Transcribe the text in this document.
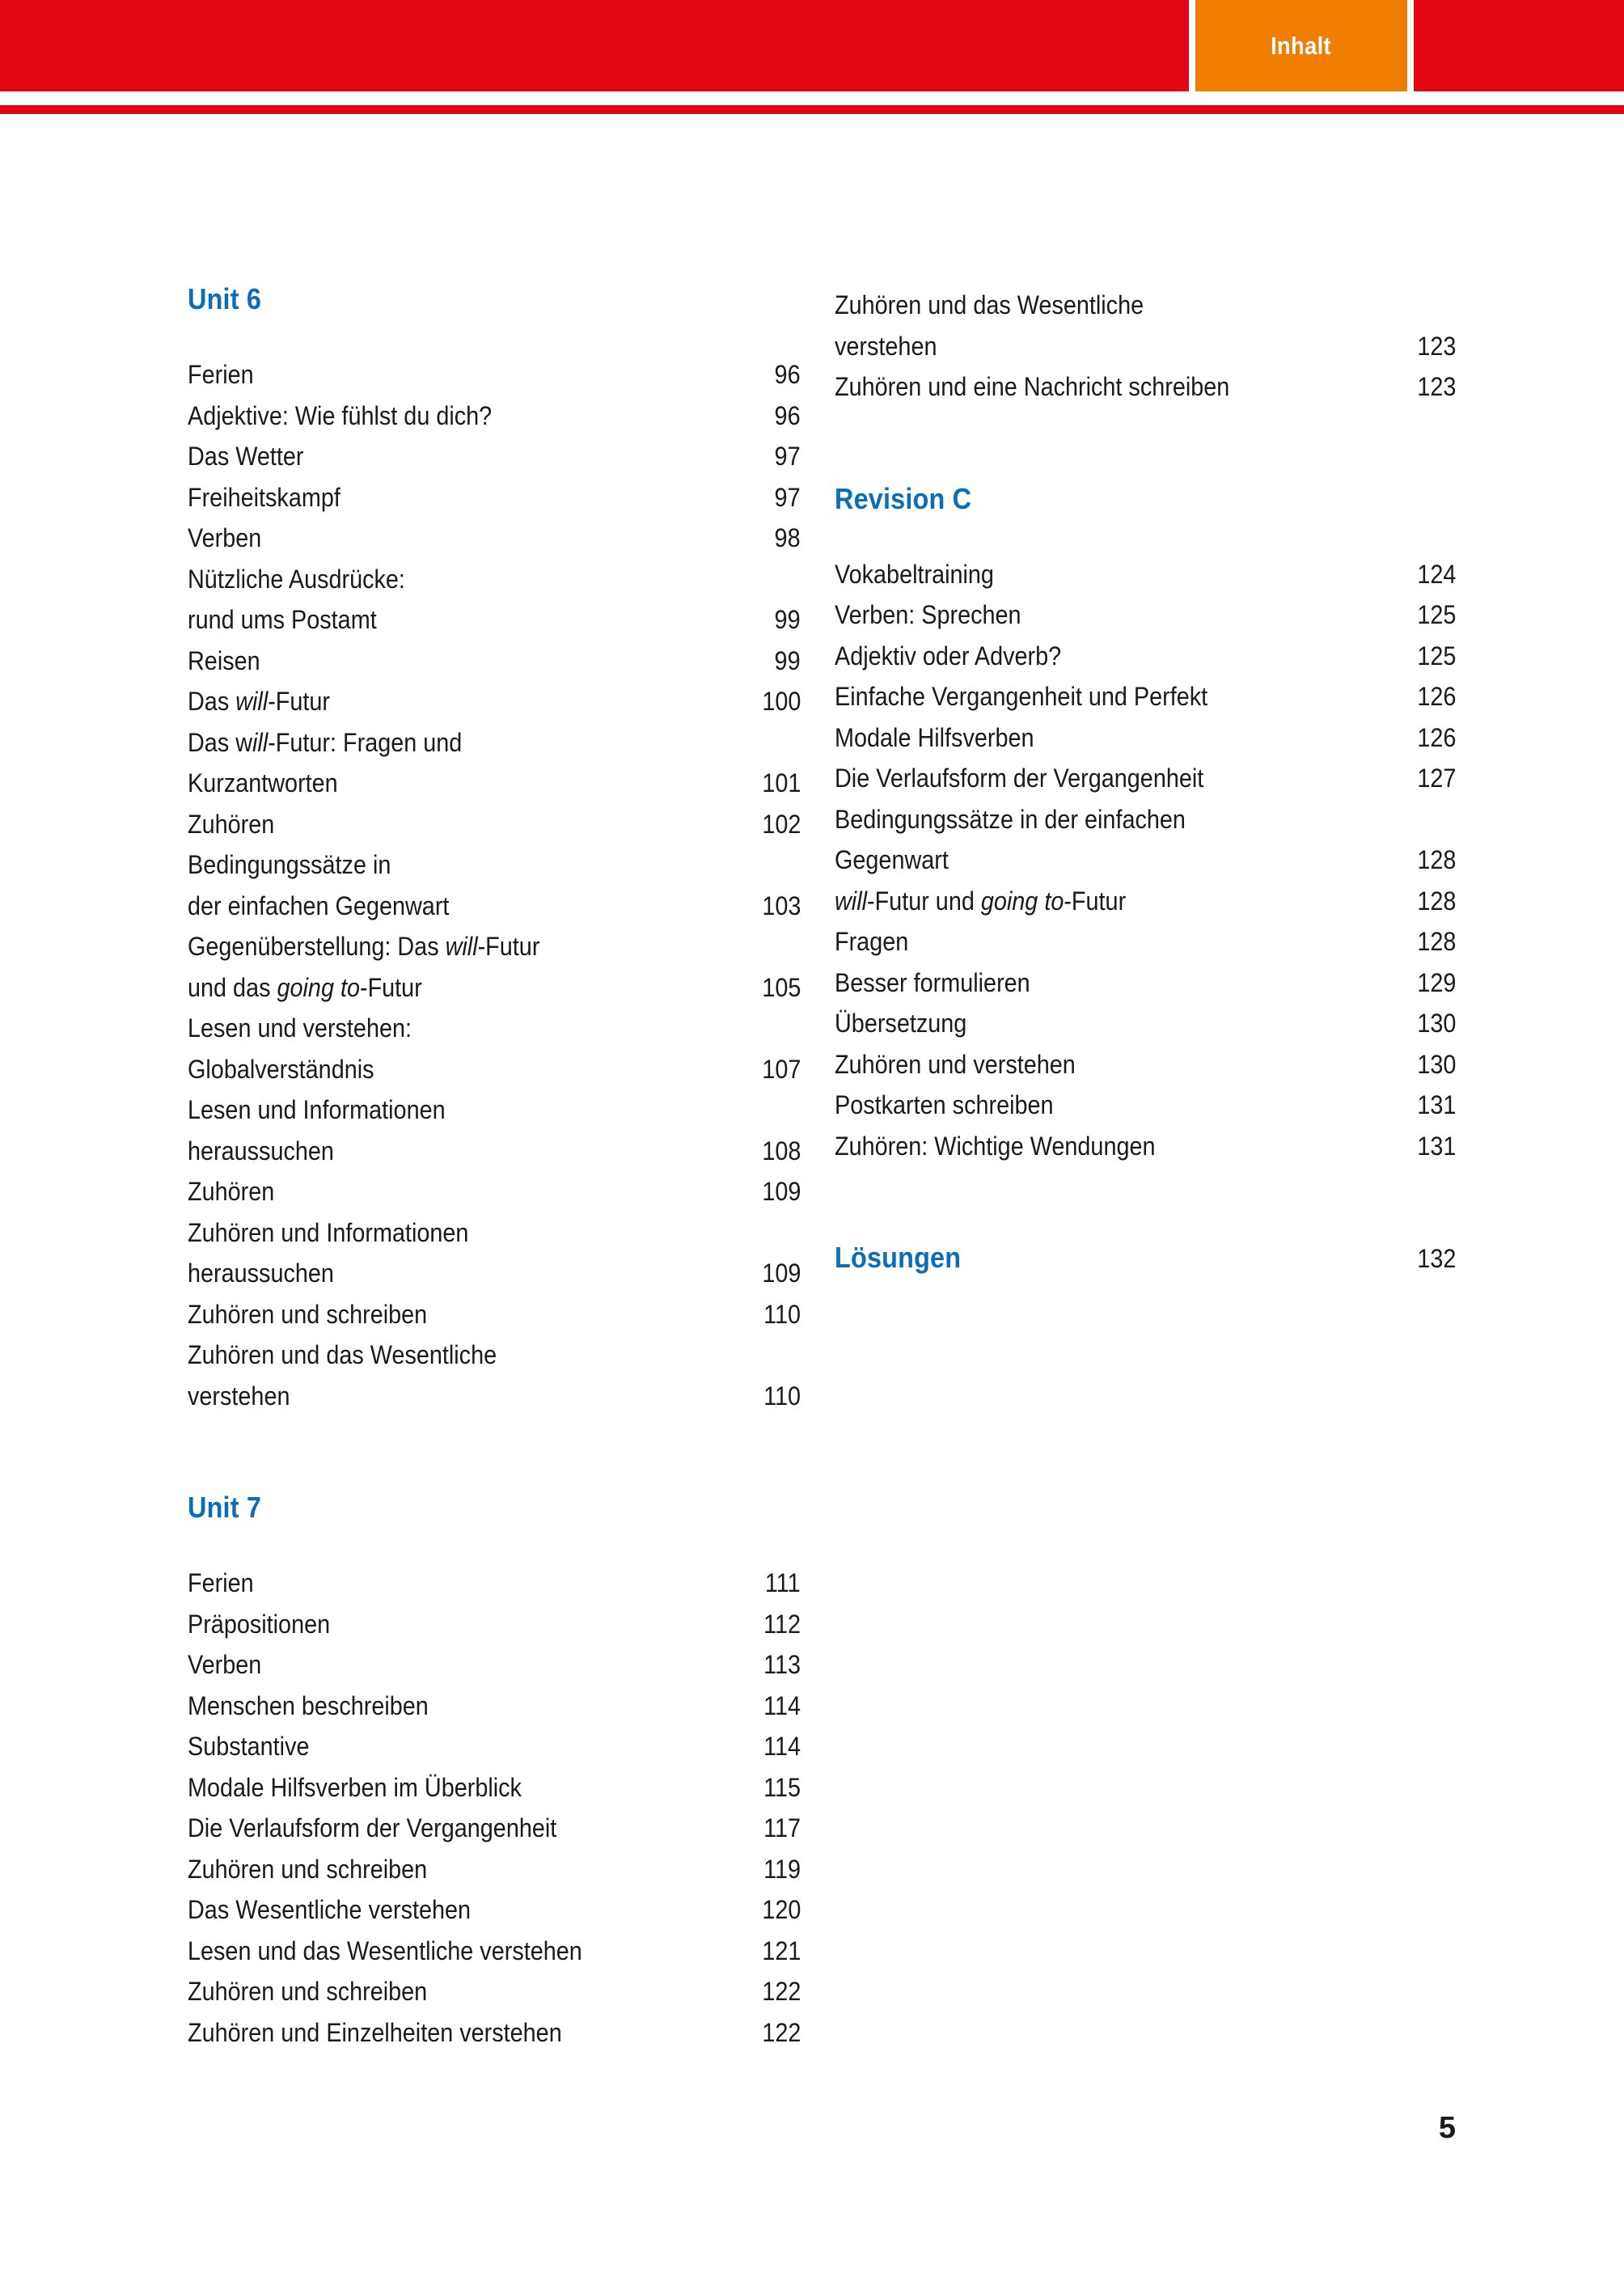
Inhalt
Unit 6
Ferien	96
Adjektive: Wie fühlst du dich?	96
Das Wetter	97
Freiheitskampf	97
Verben	98
Nützliche Ausdrücke:
rund ums Postamt	99
Reisen	99
Das will-Futur	100
Das will-Futur: Fragen und
Kurzantworten	101
Zuhören	102
Bedingungssätze in
der einfachen Gegenwart	103
Gegenüberstellung: Das will-Futur
und das going to-Futur	105
Lesen und verstehen:
Globalverständnis	107
Lesen und Informationen
heraussuchen	108
Zuhören	109
Zuhören und Informationen
heraussuchen	109
Zuhören und schreiben	110
Zuhören und das Wesentliche
verstehen	110
Unit 7
Ferien	111
Präpositionen	112
Verben	113
Menschen beschreiben	114
Substantive	114
Modale Hilfsverben im Überblick	115
Die Verlaufsform der Vergangenheit	117
Zuhören und schreiben	119
Das Wesentliche verstehen	120
Lesen und das Wesentliche verstehen	121
Zuhören und schreiben	122
Zuhören und Einzelheiten verstehen	122
Zuhören und das Wesentliche
verstehen	123
Zuhören und eine Nachricht schreiben	123
Revision C
Vokabeltraining	124
Verben: Sprechen	125
Adjektiv oder Adverb?	125
Einfache Vergangenheit und Perfekt	126
Modale Hilfsverben	126
Die Verlaufsform der Vergangenheit	127
Bedingungssätze in der einfachen
Gegenwart	128
will-Futur und going to-Futur	128
Fragen	128
Besser formulieren	129
Übersetzung	130
Zuhören und verstehen	130
Postkarten schreiben	131
Zuhören: Wichtige Wendungen	131
Lösungen	132
5
